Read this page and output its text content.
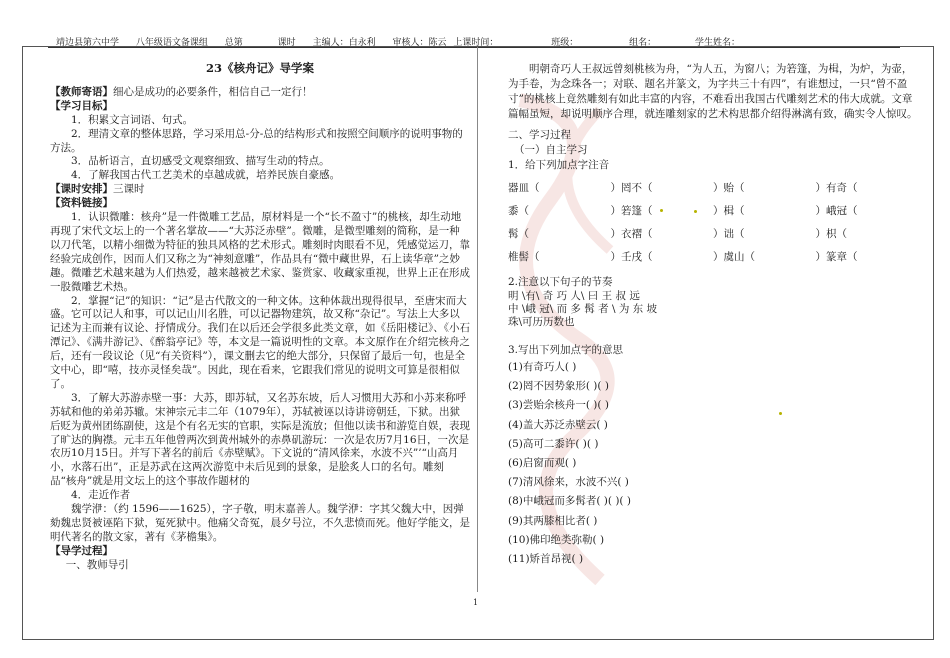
靖边县第六中学 八年级语文备课组 总第	课时 主编人：白永利 审核人：陈云 上课时间：	班级：	组名：	学生姓名：

23《核舟记》导学案

【教师寄语】细心是成功的必要条件，相信自己一定行！

【学习目标】

1．积累文言词语、句式。

2．理清文章的整体思路，学习采用总-分-总的结构形式和按照空间顺序的说明事物的方法。

3．品析语言，直切感受文观察细致、描写生动的特点。

4．了解我国古代工艺美术的卓越成就，培养民族自豪感。

【课时安排】三课时

【资料链接】

1．认识微雕：核舟”是一件微雕工艺品，原材料是一个“长不盈寸”的桃核，却生动地再现了宋代文坛上的一个著名掌故——“大苏泛赤壁”。微雕，是微型雕刻的简称，是一种以刀代笔，以精小细微为特征的独具风格的艺术形式。雕刻时肉眼看不见，凭感觉运刀，靠经验完成创作，因而人们又称之为“神刻意雕”，作品具有“微中藏世界，石上读华章”之妙趣。微雕艺术越来越为人们热爱，越来越被艺术家、鉴赏家、收藏家重视，世界上正在形成一股微雕艺术热。

2．掌握“记”的知识：“记”是古代散文的一种文体。这种体裁出现得很早，至唐宋而大盛。它可以记人和事，可以记山川名胜，可以记器物建筑，故又称“杂记”。写法上大多以记述为主而兼有议论、抒情成分。我们在以后还会学很多此类文章，如《岳阳楼记》、《小石潭记》、《满井游记》、《醉翁亭记》等，本文是一篇说明性的文章。本文原作在介绍完核舟之后，还有一段议论（见“有关资料”），课文删去它的绝大部分，只保留了最后一句，也是全文中心，即“嘻，技亦灵怪矣哉”。因此，现在看来，它跟我们常见的说明文可算是很相似了。

3．了解大苏游赤壁一事：大苏，即苏轼，又名苏东坡，后人习惯用大苏和小苏来称呼苏轼和他的弟弟苏辙。宋神宗元丰二年（1079年），苏轼被诬以诗讲谤朝廷，下狱。出狱后贬为黄州团练副使，这是个有名无实的官职，实际是流放；但他以读书和游览自娱，表现了旷达的胸襟。元丰五年他曾两次到黄州城外的赤鼻矶游玩：一次是农历7月16日，一次是农历10月15日。并写下著名的前后《赤壁赋》。下文说的“清风徐来，水波不兴”’“山高月小，水落石出”，正是苏武在这两次游览中未后见到的景象，是脍炙人口的名句。雕刻品“核舟”就是用文坛上的这个事故作题材的

4．走近作者

魏学洢：（约 1596——1625），字子敬，明末嘉善人。魏学洢：字其父魏大中，因弹劾魏忠贤被诬陷下狱，冤死狱中。他痛父奇冤，晨夕号泣，不久悲愤而死。他好学能文，是明代著名的散文家，著有《茅檐集》。

【导学过程】

一、教师导引

明朝奇巧人王叔远曾刻桃核为舟，“为人五，为窗八；为箬篷，为楫，为炉，为壶，为手卷，为念珠各一；对联、题名并篆文，为字共三十有四”，有谁想过，一只“曾不盈寸”的桃核上竟然雕刻有如此丰富的内容，不难看出我国古代雕刻艺术的伟大成就。文章篇幅虽短，却说明顺序合理，就连雕刻家的艺术构思都介绍得淋漓有致，确实令人惊叹。

二、学习过程

（一）自主学习

1．给下列加点字注音

器皿（	）罔不（	）贻（	）有奇（
黍（	）箬篷（	）楫（	）峨冠（
髯（	）衣褶（	）诎（	）枳（
椎髻（	）壬戌（	）虞山（	）篆章（

2.注意以下句子的节奏

明 \有\ 奇 巧 人\ 曰 王 叔 远

中 \峨 冠\ 而 多 髯 者 \ 为 东 坡

珠\可历历数也

3.写出下列加点字的意思

(1)有奇巧人( )
(2)罔不因势象形( )( )
(3)尝贻余核舟一( )( )
(4)盖大苏泛赤壁云( )
(5)高可二黍许( )( )
(6)启窗而观( )
(7)清风徐来，水波不兴( )
(8)中峨冠而多髯者( )( )( )
(9)其两膝相比者( )
(10)佛印绝类弥勒( )
(11)矫首昂视( )
1
